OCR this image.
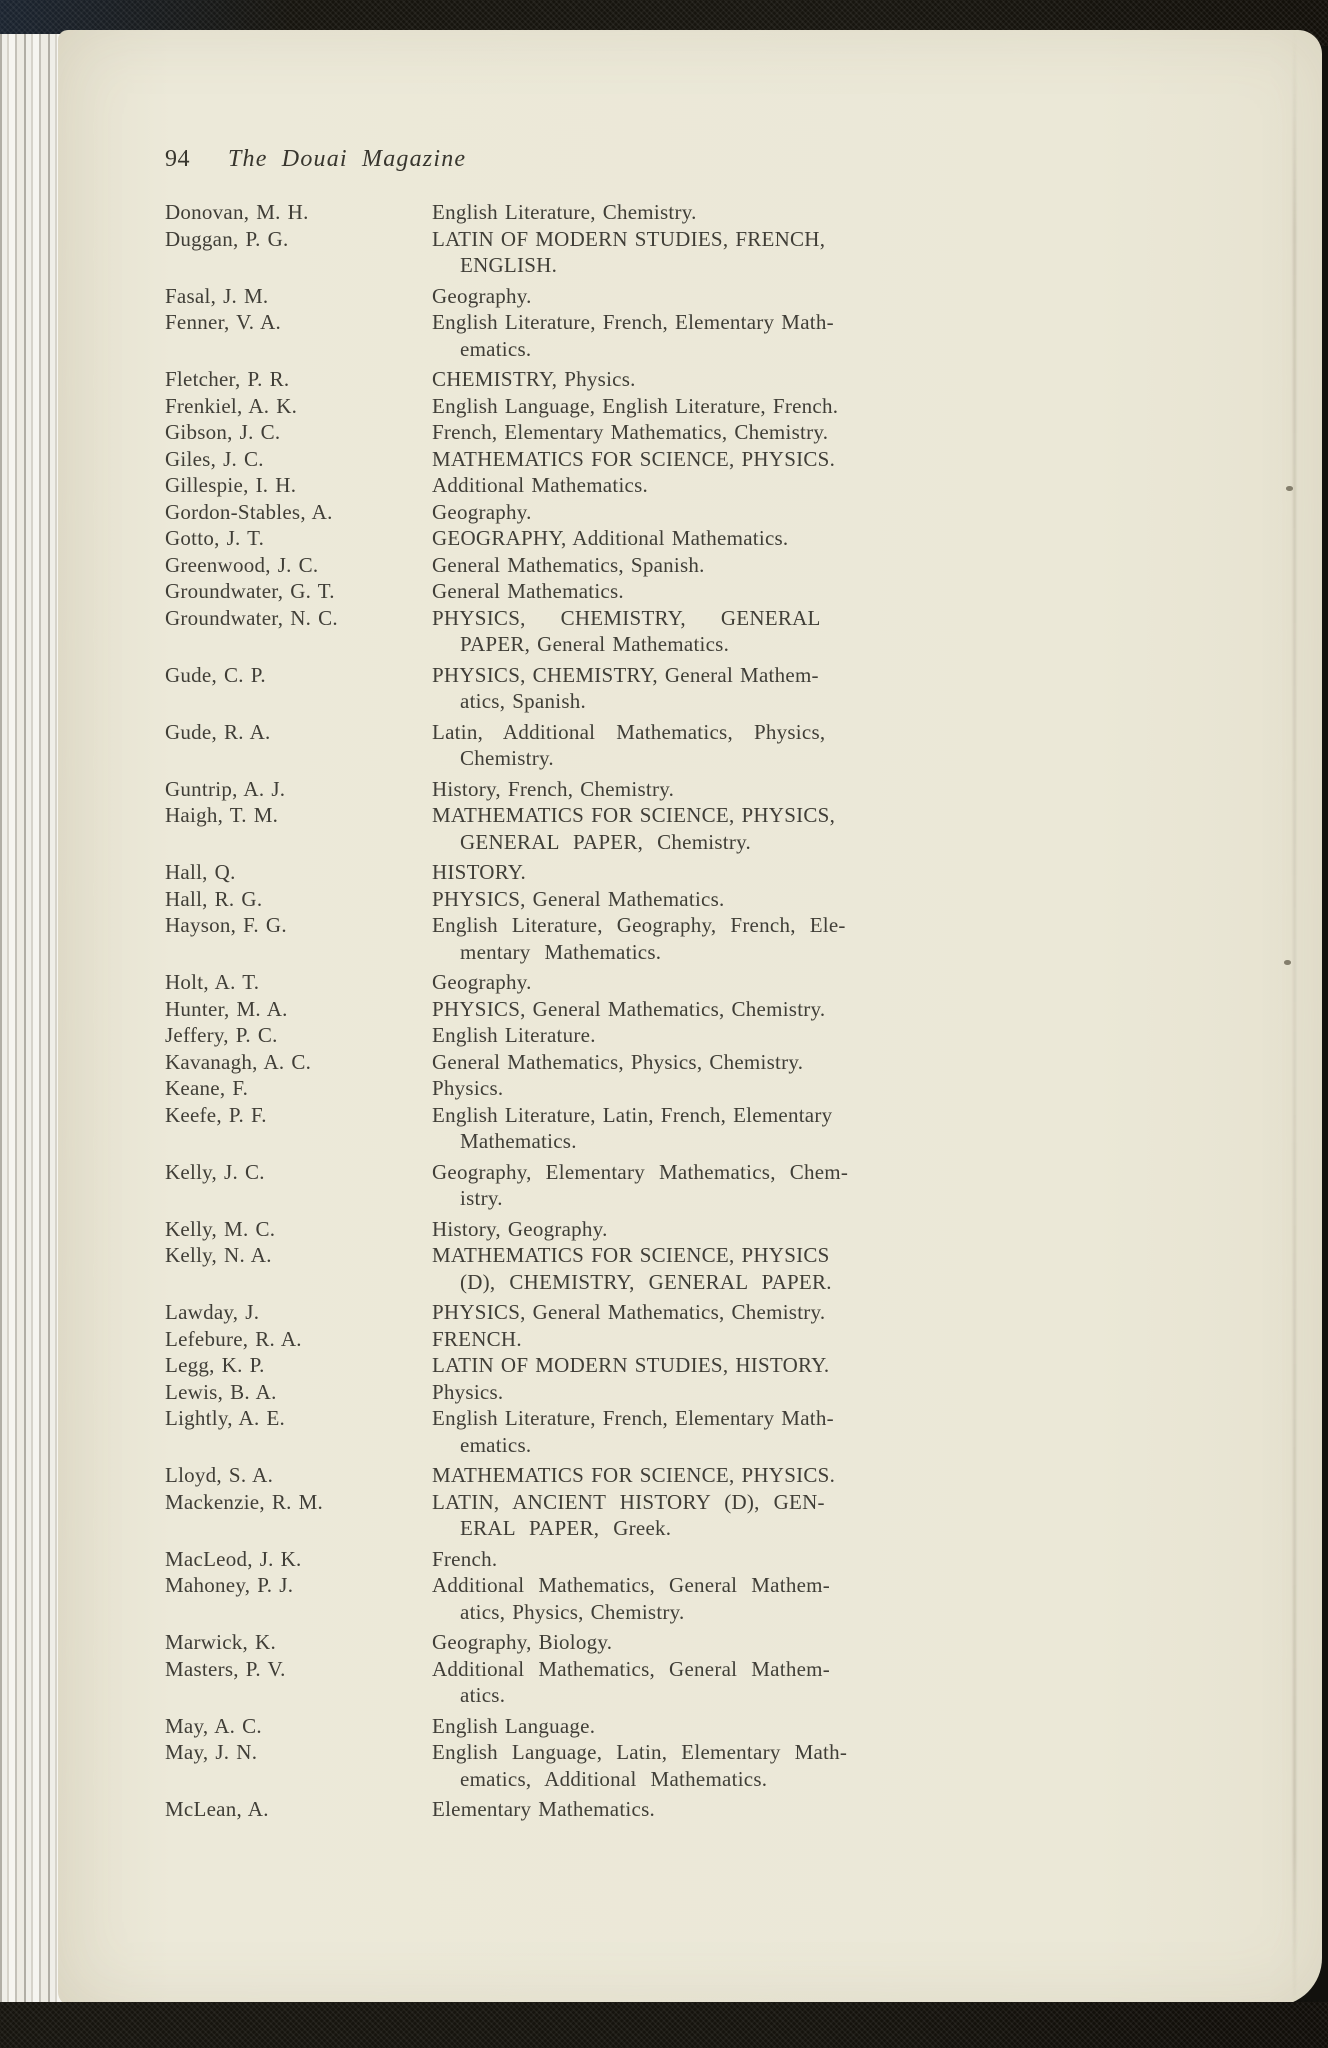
94 The Douai Magazine
Donovan, M. H.	English Literature, Chemistry.
Duggan, P. G.	LATIN OF MODERN STUDIES, FRENCH,
ENGLISH.
Fasal, J. M.	Geography.
Fenner, V. A.	English Literature, French, Elementary Math-
ematics.
Fletcher, P. R.	CHEMISTRY, Physics.
Frenkiel, A. K.	English Language, English Literature, French.
Gibson, J. C.	French, Elementary Mathematics, Chemistry.
Giles, J. C.	MATHEMATICS FOR SCIENCE, PHYSICS.
Gillespie, I. H.	Additional Mathematics.
Gordon-Stables, A.	Geography.
Gotto, J. T.	GEOGRAPHY, Additional Mathematics.
Greenwood, J. C.	General Mathematics, Spanish.
Groundwater, G. T.	General Mathematics.
Groundwater, N. C.	PHYSICS,     CHEMISTRY,     GENERAL
PAPER, General Mathematics.
Gude, C. P.	PHYSICS, CHEMISTRY, General Mathem-
atics, Spanish.
Gude, R. A.	Latin,   Additional   Mathematics,   Physics,
Chemistry.
Guntrip, A. J.	History, French, Chemistry.
Haigh, T. M.	MATHEMATICS FOR SCIENCE, PHYSICS,
GENERAL  PAPER,  Chemistry.
Hall, Q.	HISTORY.
Hall, R. G.	PHYSICS, General Mathematics.
Hayson, F. G.	English  Literature,  Geography,  French,  Ele-
mentary  Mathematics.
Holt, A. T.	Geography.
Hunter, M. A.	PHYSICS, General Mathematics, Chemistry.
Jeffery, P. C.	English Literature.
Kavanagh, A. C.	General Mathematics, Physics, Chemistry.
Keane, F.	Physics.
Keefe, P. F.	English Literature, Latin, French, Elementary
Mathematics.
Kelly, J. C.	Geography,  Elementary  Mathematics,  Chem-
istry.
Kelly, M. C.	History, Geography.
Kelly, N. A.	MATHEMATICS FOR SCIENCE, PHYSICS
(D),  CHEMISTRY,  GENERAL  PAPER.
Lawday, J.	PHYSICS, General Mathematics, Chemistry.
Lefebure, R. A.	FRENCH.
Legg, K. P.	LATIN OF MODERN STUDIES, HISTORY.
Lewis, B. A.	Physics.
Lightly, A. E.	English Literature, French, Elementary Math-
ematics.
Lloyd, S. A.	MATHEMATICS FOR SCIENCE, PHYSICS.
Mackenzie, R. M.	LATIN,  ANCIENT  HISTORY  (D),  GEN-
ERAL  PAPER,  Greek.
MacLeod, J. K.	French.
Mahoney, P. J.	Additional  Mathematics,  General  Mathem-
atics, Physics, Chemistry.
Marwick, K.	Geography, Biology.
Masters, P. V.	Additional  Mathematics,  General  Mathem-
atics.
May, A. C.	English Language.
May, J. N.	English  Language,  Latin,  Elementary  Math-
ematics,  Additional  Mathematics.
McLean, A.	Elementary Mathematics.
